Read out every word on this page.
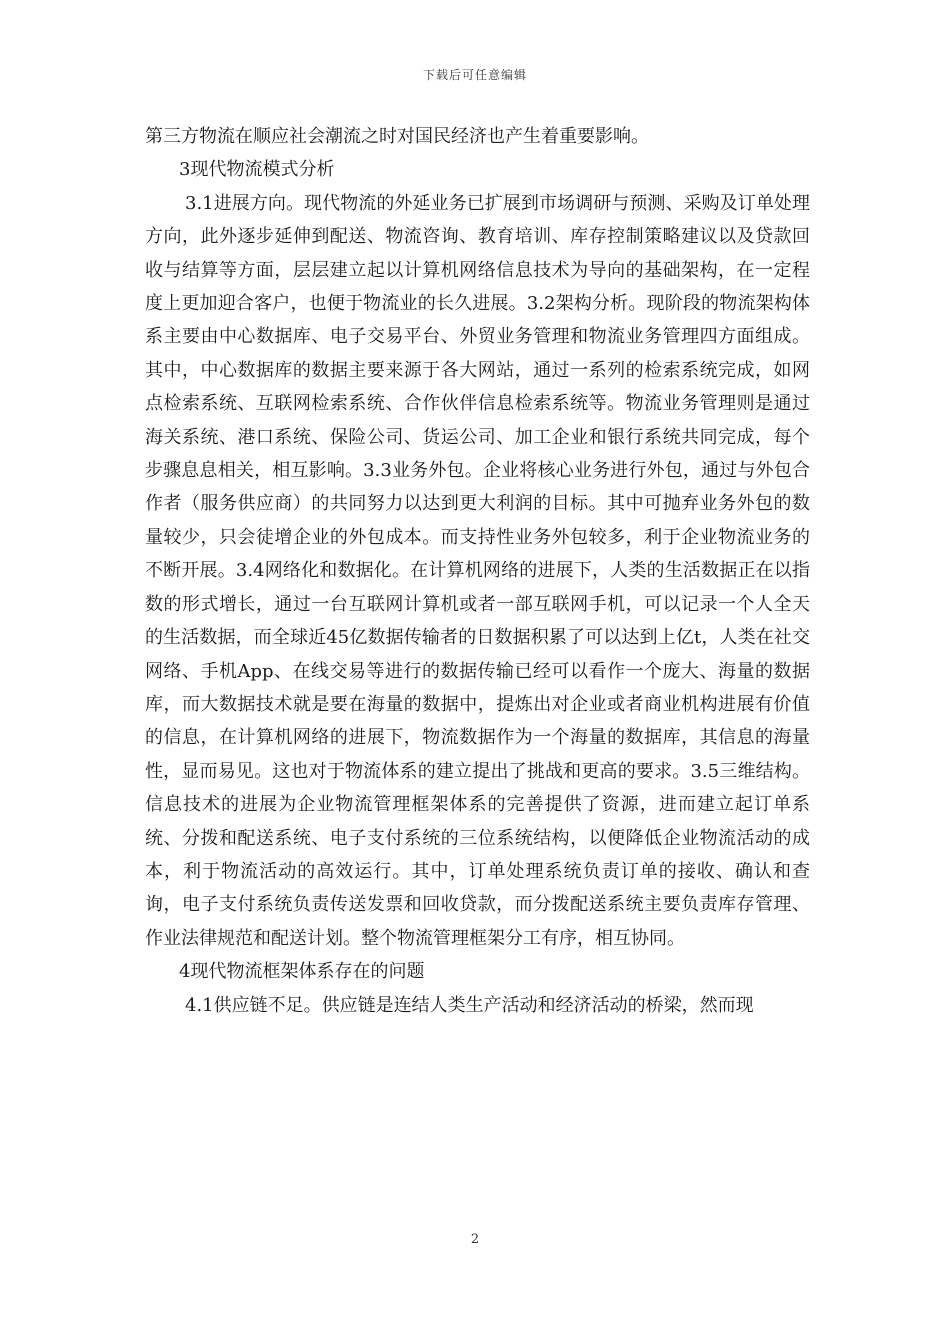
下载后可任意编辑

第三方物流在顺应社会潮流之时对国民经济也产生着重要影响。

3现代物流模式分析

3.1进展方向。现代物流的外延业务已扩展到市场调研与预测、采购及订单处理方向，此外逐步延伸到配送、物流咨询、教育培训、库存控制策略建议以及贷款回收与结算等方面，层层建立起以计算机网络信息技术为导向的基础架构，在一定程度上更加迎合客户，也便于物流业的长久进展。3.2架构分析。现阶段的物流架构体系主要由中心数据库、电子交易平台、外贸业务管理和物流业务管理四方面组成。其中，中心数据库的数据主要来源于各大网站，通过一系列的检索系统完成，如网点检索系统、互联网检索系统、合作伙伴信息检索系统等。物流业务管理则是通过海关系统、港口系统、保险公司、货运公司、加工企业和银行系统共同完成，每个步骤息息相关，相互影响。3.3业务外包。企业将核心业务进行外包，通过与外包合作者（服务供应商）的共同努力以达到更大利润的目标。其中可抛弃业务外包的数量较少，只会徒增企业的外包成本。而支持性业务外包较多，利于企业物流业务的不断开展。3.4网络化和数据化。在计算机网络的进展下，人类的生活数据正在以指数的形式增长，通过一台互联网计算机或者一部互联网手机，可以记录一个人全天的生活数据，而全球近45亿数据传输者的日数据积累了可以达到上亿t，人类在社交网络、手机App、在线交易等进行的数据传输已经可以看作一个庞大、海量的数据库，而大数据技术就是要在海量的数据中，提炼出对企业或者商业机构进展有价值的信息，在计算机网络的进展下，物流数据作为一个海量的数据库，其信息的海量性，显而易见。这也对于物流体系的建立提出了挑战和更高的要求。3.5三维结构。信息技术的进展为企业物流管理框架体系的完善提供了资源，进而建立起订单系统、分拨和配送系统、电子支付系统的三位系统结构，以便降低企业物流活动的成本，利于物流活动的高效运行。其中，订单处理系统负责订单的接收、确认和查询，电子支付系统负责传送发票和回收贷款，而分拨配送系统主要负责库存管理、作业法律规范和配送计划。整个物流管理框架分工有序，相互协同。

4现代物流框架体系存在的问题

4.1供应链不足。供应链是连结人类生产活动和经济活动的桥梁，然而现

2
